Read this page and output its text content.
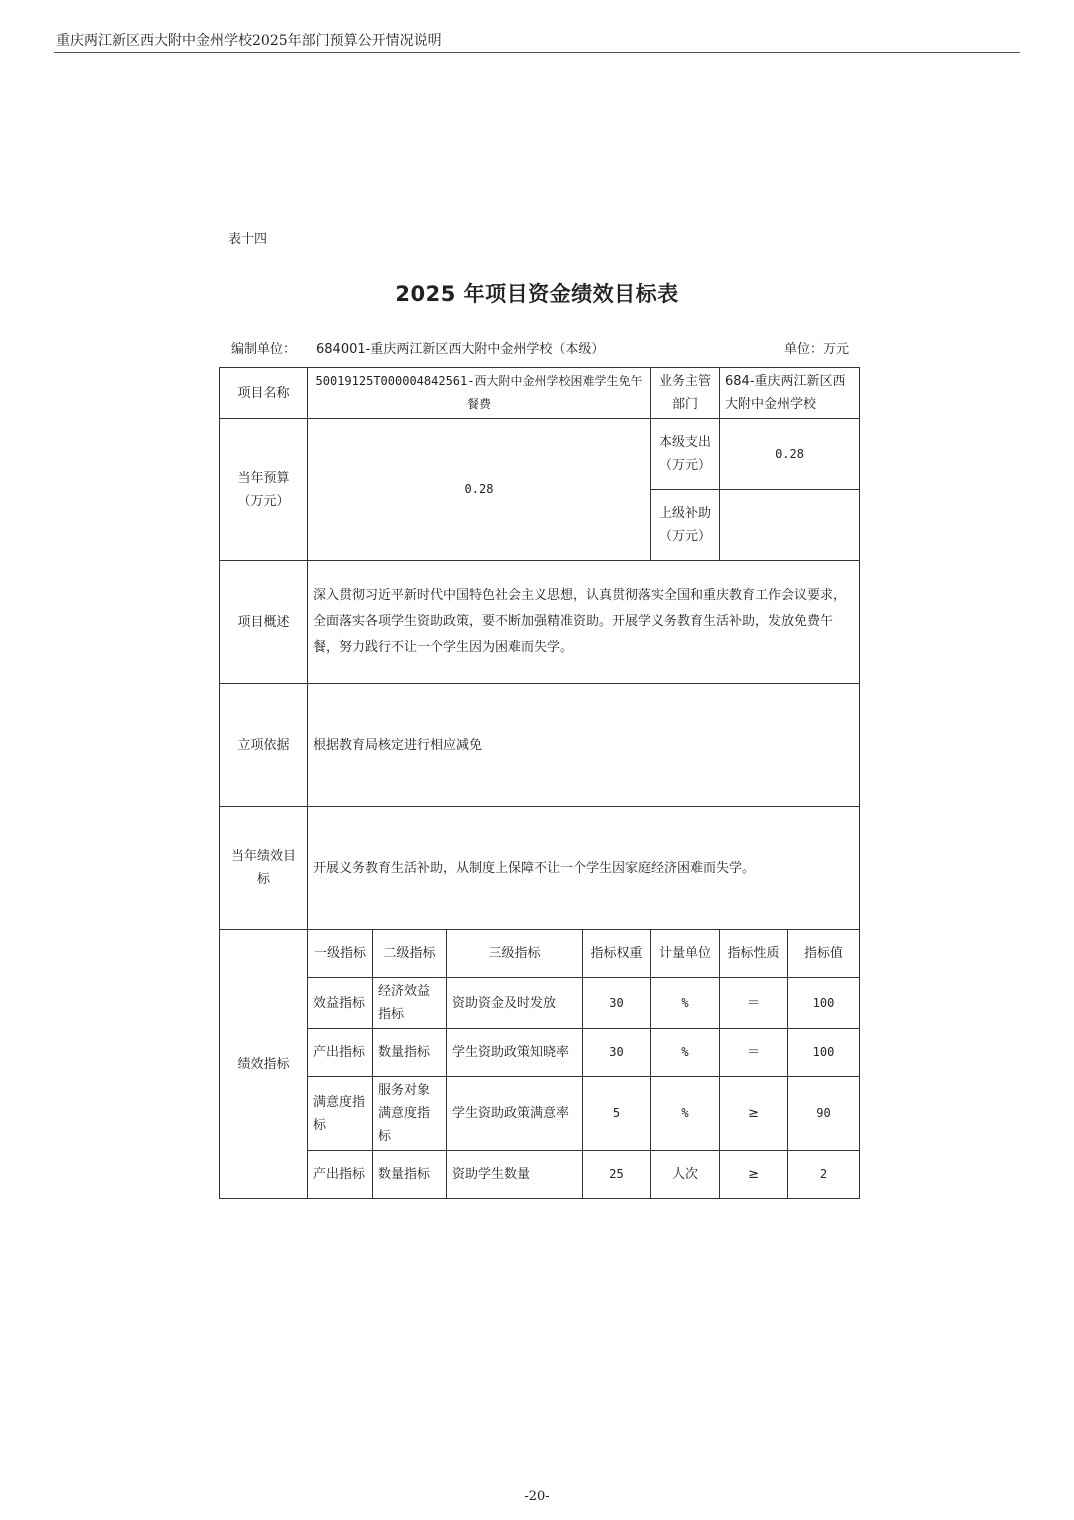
重庆两江新区西大附中金州学校2025年部门预算公开情况说明
表十四
2025 年项目资金绩效目标表
编制单位： 684001-重庆两江新区西大附中金州学校（本级）	单位：万元
项目名称	50019125T000004842561-西大附中金州学校困难学生免午餐费				业务主管部门	684-重庆两江新区西大附中金州学校	
当年预算（万元）	0.28				本级支出（万元）	0.28	
					上级补助（万元）		
项目概述	深入贯彻习近平新时代中国特色社会主义思想，认真贯彻落实全国和重庆教育工作会议要求，全面落实各项学生资助政策，要不断加强精准资助。开展学义务教育生活补助，发放免费午餐，努力践行不让一个学生因为困难而失学。						
立项依据	根据教育局核定进行相应减免						
当年绩效目标	开展义务教育生活补助，从制度上保障不让一个学生因家庭经济困难而失学。						
绩效指标	一级指标	二级指标	三级指标	指标权重	计量单位	指标性质	指标值
	效益指标	经济效益指标	资助资金及时发放	30	%	＝	100
	产出指标	数量指标	学生资助政策知晓率	30	%	＝	100
	满意度指标	服务对象满意度指标	学生资助政策满意率	5	%	≥	90
	产出指标	数量指标	资助学生数量	25	人次	≥	2
-20-
